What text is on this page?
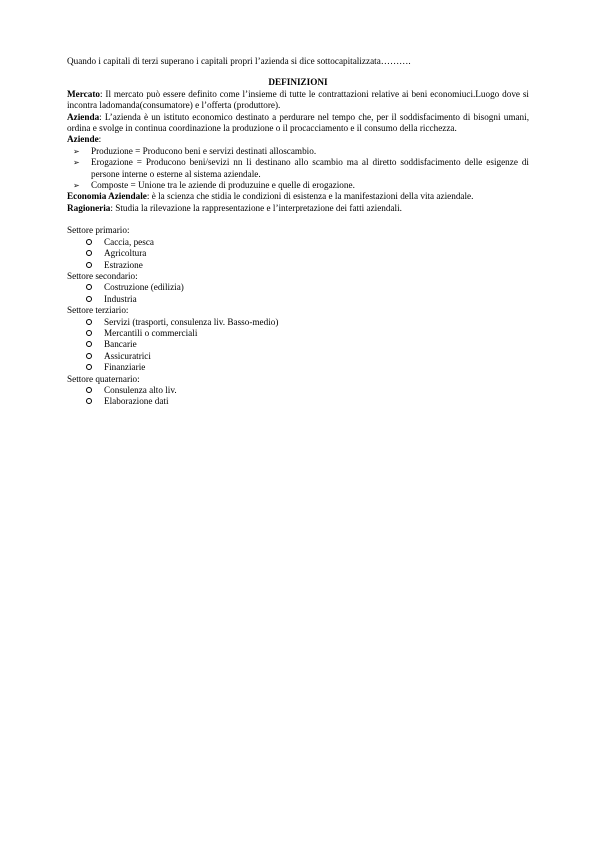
Quando i capitali di terzi superano i capitali propri l’azienda si dice sottocapitalizzata……….

DEFINIZIONI

Mercato: Il mercato può essere definito come l’insieme di tutte le contrattazioni relative ai beni economiuci.Luogo dove si incontra ladomanda(consumatore) e l’offerta (produttore).

Azienda: L’azienda è un istituto economico destinato a perdurare nel tempo che, per il soddisfacimento di bisogni umani, ordina e svolge in continua coordinazione la produzione o il procacciamento e il consumo della ricchezza.

Aziende:

➢ Produzione = Producono beni e servizi destinati alloscambio.
➢ Erogazione = Producono beni/sevizi nn li destinano allo scambio ma al diretto soddisfacimento delle esigenze di persone interne o esterne al sistema aziendale.
➢ Composte = Unione tra le aziende di produzuine e quelle di erogazione.

Economia Aziendale: è la scienza che stidia le condizioni di esistenza e la manifestazioni della vita aziendale.

Ragioneria: Studia la rilevazione la rappresentazione e l’interpretazione dei fatti aziendali.

Settore primario:

Caccia, pesca
Agricoltura
Estrazione

Settore secondario:

Costruzione (edilizia)
Industria

Settore terziario:

Servizi (trasporti, consulenza liv. Basso-medio)
Mercantili o commerciali
Bancarie
Assicuratrici
Finanziarie

Settore quaternario:

Consulenza alto liv.
Elaborazione dati
